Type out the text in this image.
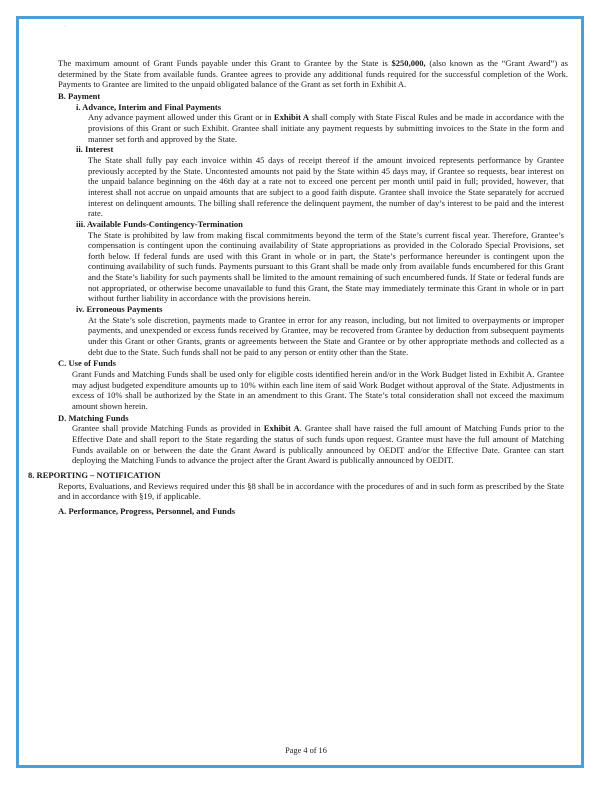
·

The maximum amount of Grant Funds payable under this Grant to Grantee by the State is $250,000, (also known as the “Grant Award”) as determined by the State from available funds. Grantee agrees to provide any additional funds required for the successful completion of the Work. Payments to Grantee are limited to the unpaid obligated balance of the Grant as set forth in Exhibit A.

B. Payment

i. Advance, Interim and Final Payments

Any advance payment allowed under this Grant or in Exhibit A shall comply with State Fiscal Rules and be made in accordance with the provisions of this Grant or such Exhibit. Grantee shall initiate any payment requests by submitting invoices to the State in the form and manner set forth and approved by the State.

ii. Interest

The State shall fully pay each invoice within 45 days of receipt thereof if the amount invoiced represents performance by Grantee previously accepted by the State. Uncontested amounts not paid by the State within 45 days may, if Grantee so requests, bear interest on the unpaid balance beginning on the 46th day at a rate not to exceed one percent per month until paid in full; provided, however, that interest shall not accrue on unpaid amounts that are subject to a good faith dispute. Grantee shall invoice the State separately for accrued interest on delinquent amounts. The billing shall reference the delinquent payment, the number of day’s interest to be paid and the interest rate.

iii. Available Funds-Contingency-Termination

The State is prohibited by law from making fiscal commitments beyond the term of the State’s current fiscal year. Therefore, Grantee’s compensation is contingent upon the continuing availability of State appropriations as provided in the Colorado Special Provisions, set forth below. If federal funds are used with this Grant in whole or in part, the State’s performance hereunder is contingent upon the continuing availability of such funds. Payments pursuant to this Grant shall be made only from available funds encumbered for this Grant and the State’s liability for such payments shall be limited to the amount remaining of such encumbered funds. If State or federal funds are not appropriated, or otherwise become unavailable to fund this Grant, the State may immediately terminate this Grant in whole or in part without further liability in accordance with the provisions herein.

iv. Erroneous Payments

At the State’s sole discretion, payments made to Grantee in error for any reason, including, but not limited to overpayments or improper payments, and unexpended or excess funds received by Grantee, may be recovered from Grantee by deduction from subsequent payments under this Grant or other Grants, grants or agreements between the State and Grantee or by other appropriate methods and collected as a debt due to the State. Such funds shall not be paid to any person or entity other than the State.

C. Use of Funds

Grant Funds and Matching Funds shall be used only for eligible costs identified herein and/or in the Work Budget listed in Exhibit A. Grantee may adjust budgeted expenditure amounts up to 10% within each line item of said Work Budget without approval of the State. Adjustments in excess of 10% shall be authorized by the State in an amendment to this Grant. The State’s total consideration shall not exceed the maximum amount shown herein.

D. Matching Funds

Grantee shall provide Matching Funds as provided in Exhibit A. Grantee shall have raised the full amount of Matching Funds prior to the Effective Date and shall report to the State regarding the status of such funds upon request. Grantee must have the full amount of Matching Funds available on or between the date the Grant Award is publically announced by OEDIT and/or the Effective Date. Grantee can start deploying the Matching Funds to advance the project after the Grant Award is publically announced by OEDIT.

8. REPORTING – NOTIFICATION

Reports, Evaluations, and Reviews required under this §8 shall be in accordance with the procedures of and in such form as prescribed by the State and in accordance with §19, if applicable.

A. Performance, Progress, Personnel, and Funds

Page 4 of 16
